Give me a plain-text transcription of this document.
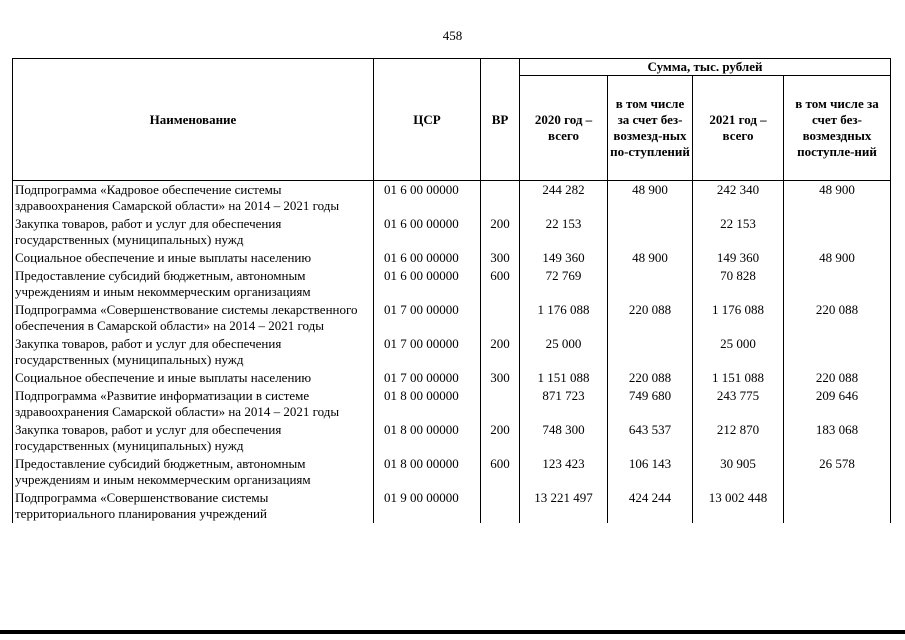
458
Наименование	ЦСР	ВР	Сумма, тыс. рублей			
			2020 год – всего	в том числе за счет без-возмезд-ных по-ступлений	2021 год – всего	в том числе за счет без-возмездных поступле-ний
Подпрограмма «Кадровое обеспечение системы здравоохранения Самарской области» на 2014 – 2021 годы	01 6 00 00000		244 282	48 900	242 340	48 900
Закупка товаров, работ и услуг для обеспечения государственных (муниципальных) нужд	01 6 00 00000	200	22 153		22 153	
Социальное обеспечение и иные выплаты населению	01 6 00 00000	300	149 360	48 900	149 360	48 900
Предоставление субсидий бюджетным, автономным учреждениям и иным некоммерческим организациям	01 6 00 00000	600	72 769		70 828	
Подпрограмма «Совершенствование системы лекарственного обеспечения в Самарской области» на 2014 – 2021 годы	01 7 00 00000		1 176 088	220 088	1 176 088	220 088
Закупка товаров, работ и услуг для обеспечения государственных (муниципальных) нужд	01 7 00 00000	200	25 000		25 000	
Социальное обеспечение и иные выплаты населению	01 7 00 00000	300	1 151 088	220 088	1 151 088	220 088
Подпрограмма «Развитие информатизации в системе здравоохранения Самарской области» на 2014 – 2021 годы	01 8 00 00000		871 723	749 680	243 775	209 646
Закупка товаров, работ и услуг для обеспечения государственных (муниципальных) нужд	01 8 00 00000	200	748 300	643 537	212 870	183 068
Предоставление субсидий бюджетным, автономным учреждениям и иным некоммерческим организациям	01 8 00 00000	600	123 423	106 143	30 905	26 578
Подпрограмма «Совершенствование системы территориального планирования учреждений	01 9 00 00000		13 221 497	424 244	13 002 448	
